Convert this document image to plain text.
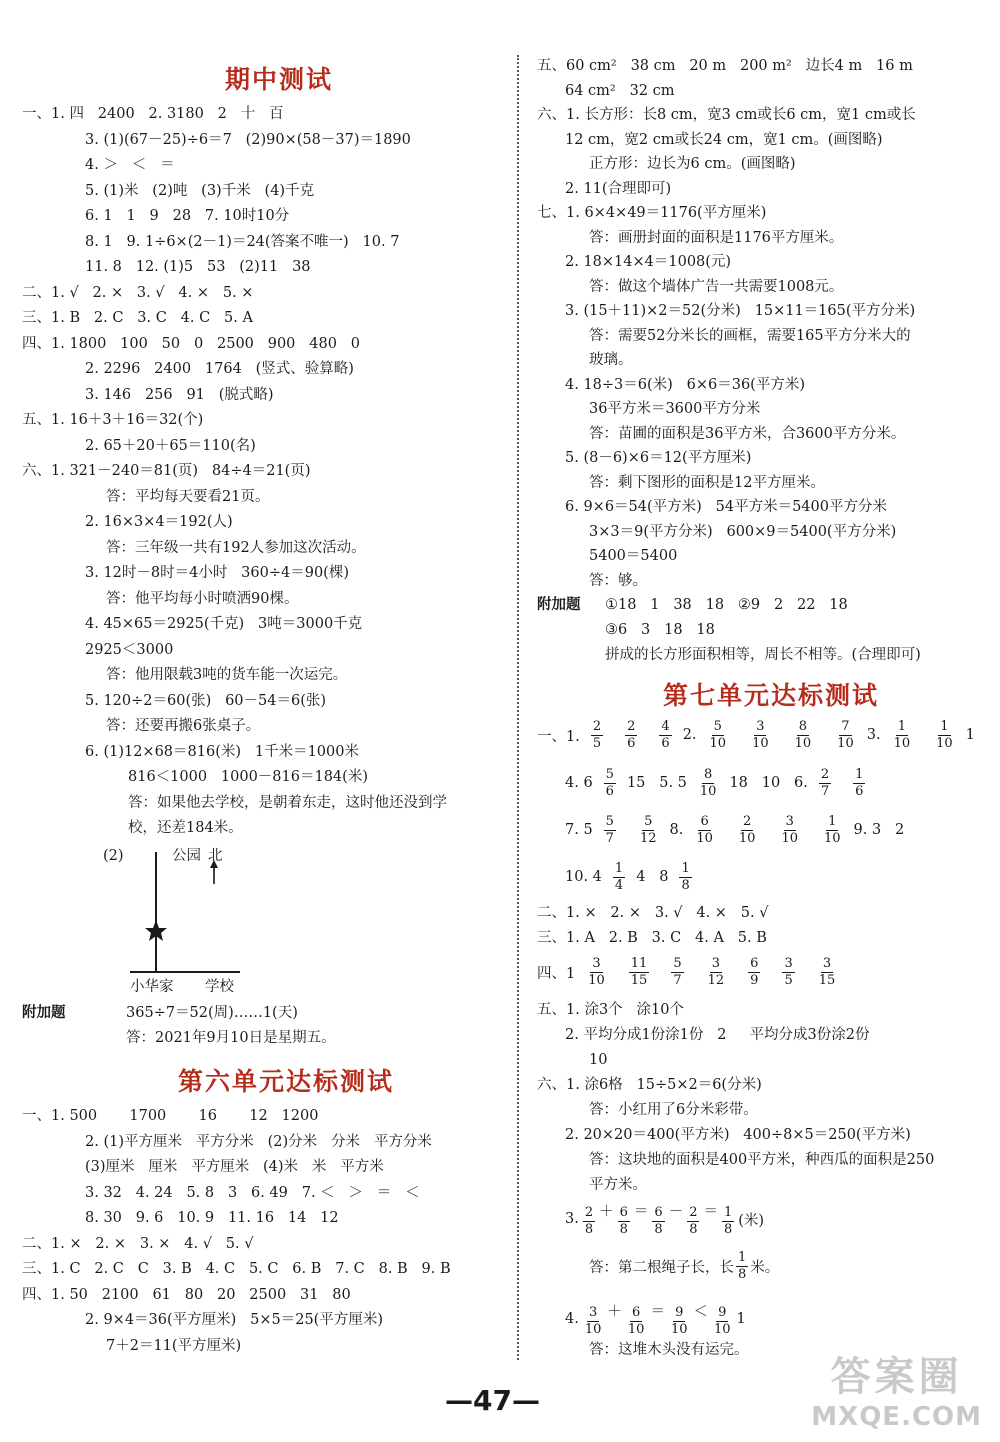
期中测试
一、1. 四   2400   2. 3180   2   十   百
3. (1)(67－25)÷6＝7   (2)90×(58－37)＝1890
4. ＞   ＜   ＝
5. (1)米   (2)吨   (3)千米   (4)千克
6. 1   1   9   28   7. 10时10分
8. 1   9. 1÷6×(2－1)＝24(答案不唯一)   10. 7
11. 8   12. (1)5   53   (2)11   38
二、1. √   2. ×   3. √   4. ×   5. ×
三、1. B   2. C   3. C   4. C   5. A
四、1. 1800   100   50   0   2500   900   480   0
2. 2296   2400   1764   (竖式、验算略)
3. 146   256   91   (脱式略)
五、1. 16＋3＋16＝32(个)
2. 65＋20＋65＝110(名)
六、1. 321－240＝81(页)   84÷4＝21(页)
答：平均每天要看21页。
2. 16×3×4＝192(人)
答：三年级一共有192人参加这次活动。
3. 12时－8时＝4小时   360÷4＝90(棵)
答：他平均每小时喷洒90棵。
4. 45×65＝2925(千克)   3吨＝3000千克
2925＜3000
答：他用限载3吨的货车能一次运完。
5. 120÷2＝60(张)   60－54＝6(张)
答：还要再搬6张桌子。
6. (1)12×68＝816(米)   1千米＝1000米
816＜1000   1000－816＝184(米)
答：如果他去学校，是朝着东走，这时他还没到学
校，还差184米。
(2)	公园 北
小华家 学校
附加题	365÷7＝52(周)……1(天)
答：2021年9月10日是星期五。
第六单元达标测试
一、1. 500       1700       16       12   1200
2. (1)平方厘米   平方分米   (2)分米   分米   平方分米
(3)厘米   厘米   平方厘米   (4)米   米   平方米
3. 32   4. 24   5. 8   3   6. 49   7. ＜   ＞   ＝   ＜
8. 30   9. 6   10. 9   11. 16   14   12
二、1. ×   2. ×   3. ×   4. √   5. √
三、1. C   2. C   C   3. B   4. C   5. C   6. B   7. C   8. B   9. B
四、1. 50   2100   61   80   20   2500   31   80
2. 9×4＝36(平方厘米)   5×5＝25(平方厘米)
7＋2＝11(平方厘米)
五、60 cm²   38 cm   20 m   200 m²   边长4 m   16 m
64 cm²   32 cm
六、1. 长方形：长8 cm，宽3 cm或长6 cm，宽1 cm或长
12 cm，宽2 cm或长24 cm，宽1 cm。(画图略)
正方形：边长为6 cm。(画图略)
2. 11(合理即可)
七、1. 6×4×49＝1176(平方厘米)
答：画册封面的面积是1176平方厘米。
2. 18×14×4＝1008(元)
答：做这个墙体广告一共需要1008元。
3. (15＋11)×2＝52(分米)   15×11＝165(平方分米)
答：需要52分米长的画框，需要165平方分米大的
玻璃。
4. 18÷3＝6(米)   6×6＝36(平方米)
36平方米＝3600平方分米
答：苗圃的面积是36平方米，合3600平方分米。
5. (8－6)×6＝12(平方厘米)
答：剩下图形的面积是12平方厘米。
6. 9×6＝54(平方米)   54平方米＝5400平方分米
3×3＝9(平方分米)   600×9＝5400(平方分米)
5400＝5400
答：够。
附加题 ①18   1   38   18   ②9   2   22   18
③6   3   18   18
拼成的长方形面积相等，周长不相等。(合理即可)
第七单元达标测试
一、1. $\frac{2}{5} \frac{2}{6} \frac{4}{6} 2$. $\frac{5}{10} \frac{3}{10} \frac{8}{10} \frac{7}{10} 3$. $\frac{1}{10} \frac{1}{10} 1$
4. $6 \frac{5}{6} 15$   5. $5 \frac{8}{10} 18$   10   6. $\frac{2}{7} \frac{1}{6}$
7. $5 \frac{5}{7} \frac{5}{12} 8$. $\frac{6}{10} \frac{2}{10} \frac{3}{10} \frac{1}{10} 9$. 3   2
10. $4 \frac{1}{4} 4$   $8 \frac{1}{8}$
二、1. ×   2. ×   3. √   4. ×   5. √
三、1. A   2. B   3. C   4. A   5. B
四、$1 \frac{3}{10} \frac{11}{15} \frac{5}{7} \frac{3}{12} \frac{6}{9} \frac{3}{5} \frac{3}{15}$
五、1. 涂3个   涂10个
2. 平均分成1份涂1份   2     平均分成3份涂2份
10
六、1. 涂6格   15÷5×2＝6(分米)
答：小红用了6分米彩带。
2. 20×20＝400(平方米)   400÷8×5＝250(平方米)
答：这块地的面积是400平方米，种西瓜的面积是250
平方米。
3. $\frac{2}{8} + \frac{6}{8} = \frac{6}{8} - \frac{2}{8} = \frac{1}{8}$ (米)
答：第二根绳子长，长 $\frac{1}{8}$ 米。
4. $\frac{3}{10} + \frac{6}{10} = \frac{9}{10} < \frac{9}{10} 1$
答：这堆木头没有运完。
—47—
答案圈
MXQE.COM
